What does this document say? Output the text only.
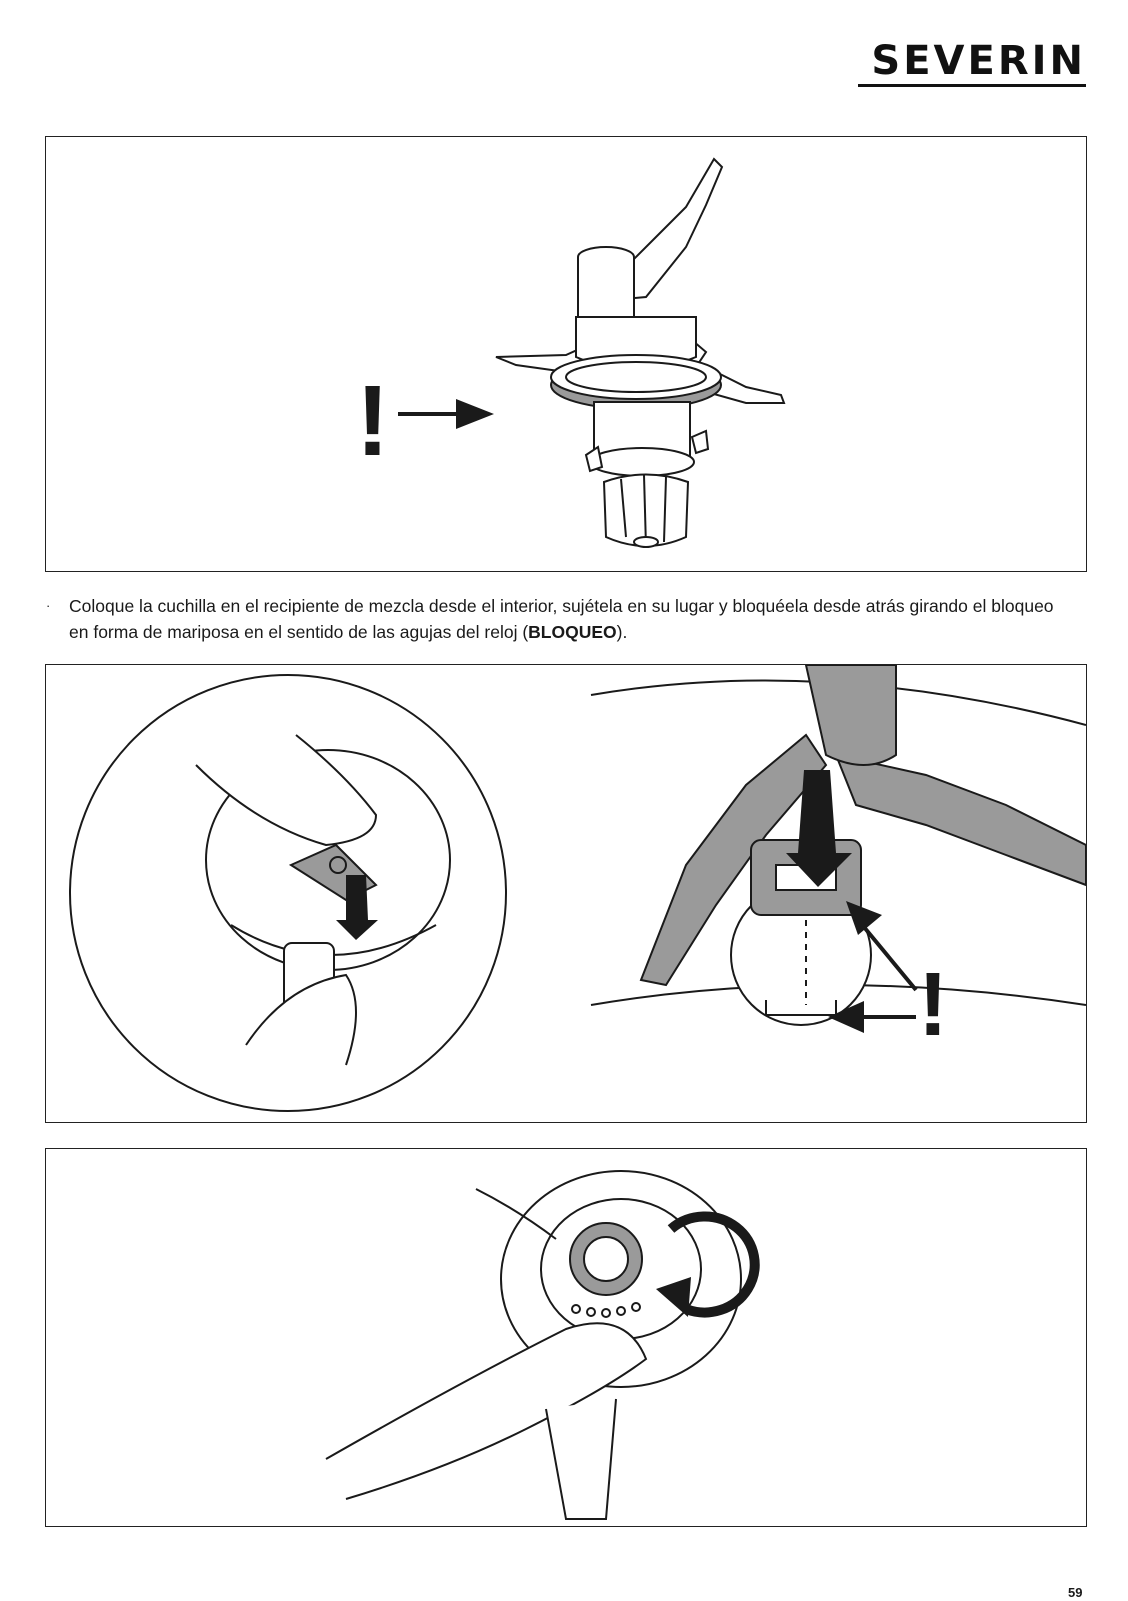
SEVERIN
!
· Coloque la cuchilla en el recipiente de mezcla desde el interior, sujétela en su lugar y bloquéela desde atrás girando el bloqueo en forma de mariposa en el sentido de las agujas del reloj (BLOQUEO).
!
59
